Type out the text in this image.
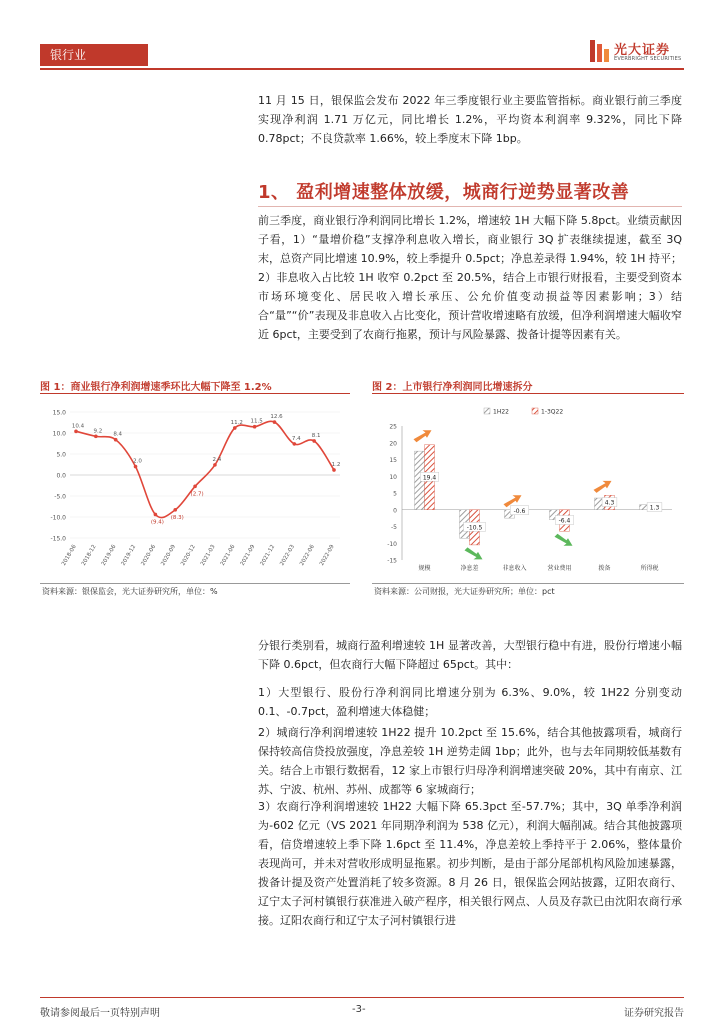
银行业	光大证券
EVERBRIGHT SECURITIES

11 月 15 日，银保监会发布 2022 年三季度银行业主要监管指标。商业银行前三季度实现净利润 1.71 万亿元，同比增长 1.2%，平均资本利润率 9.32%，同比下降 0.78pct；不良贷款率 1.66%，较上季度末下降 1bp。

1、 盈利增速整体放缓，城商行逆势显著改善

前三季度，商业银行净利润同比增长 1.2%，增速较 1H 大幅下降 5.8pct。业绩贡献因子看，1）“量增价稳”支撑净利息收入增长，商业银行 3Q 扩表继续提速，截至 3Q 末，总资产同比增速 10.9%，较上季提升 0.5pct；净息差录得 1.94%，较 1H 持平；2）非息收入占比较 1H 收窄 0.2pct 至 20.5%，结合上市银行财报看，主要受到资本市场环境变化、居民收入增长承压、公允价值变动损益等因素影响；3）结合“量”“价”表现及非息收入占比变化，预计营收增速略有放缓，但净利润增速大幅收窄近 6pct，主要受到了农商行拖累，预计与风险暴露、拨备计提等因素有关。

图 1：商业银行净利润增速季环比大幅下降至 1.2%
15.0
10.0
5.0
0.0
-5.0
-10.0
-15.0
2018-06 2018-12 2019-06 2019-12 2020-06 2020-09 2020-12 2021-03 2021-06 2021-09 2021-12 2022-03 2022-06 2022-09
10.4
9.2
8.4
2.0
(9.4)
(8.3)
(2.7)
2.4
11.2 11.5
12.6
7.4 8.1
1.2
资料来源：银保监会，光大证券研究所，单位：%
图 2：上市银行净利润同比增速拆分
25
20
15
10
5
0
-5
-10
-15
1H22	1-3Q22
19.4
规模
-10.5
净息差
-0.6
非息收入
-6.4
营业费用
4.3
拨备
1.3
所得税
资料来源：公司财报，光大证券研究所；单位：pct

分银行类别看，城商行盈利增速较 1H 显著改善，大型银行稳中有进，股份行增速小幅下降 0.6pct，但农商行大幅下降超过 65pct。其中：

1）大型银行、股份行净利润同比增速分别为 6.3%、9.0%，较 1H22 分别变动 0.1、-0.7pct，盈利增速大体稳健；

2）城商行净利润增速较 1H22 提升 10.2pct 至 15.6%，结合其他披露项看，城商行保持较高信贷投放强度，净息差较 1H 逆势走阔 1bp；此外，也与去年同期较低基数有关。结合上市银行数据看，12 家上市银行归母净利润增速突破 20%，其中有南京、江苏、宁波、杭州、苏州、成都等 6 家城商行；

3）农商行净利润增速较 1H22 大幅下降 65.3pct 至-57.7%；其中，3Q 单季净利润为-602 亿元（VS 2021 年同期净利润为 538 亿元），利润大幅削减。结合其他披露项看，信贷增速较上季下降 1.6pct 至 11.4%，净息差较上季持平于 2.06%，整体量价表现尚可，并未对营收形成明显拖累。初步判断，是由于部分尾部机构风险加速暴露，拨备计提及资产处置消耗了较多资源。8 月 26 日，银保监会网站披露，辽阳农商行、辽宁太子河村镇银行获准进入破产程序，相关银行网点、人员及存款已由沈阳农商行承接。辽阳农商行和辽宁太子河村镇银行进

敬请参阅最后一页特别声明	-3-	证券研究报告
